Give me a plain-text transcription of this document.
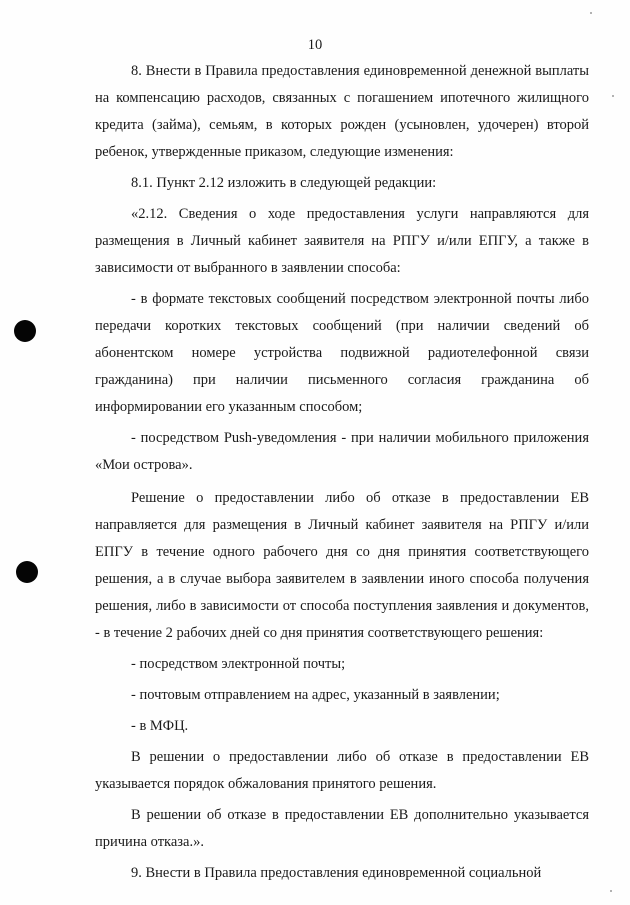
10

8. Внести в Правила предоставления единовременной денежной выплаты на компенсацию расходов, связанных с погашением ипотечного жилищного кредита (займа), семьям, в которых рожден (усыновлен, удочерен) второй ребенок, утвержденные приказом, следующие изменения:

8.1. Пункт 2.12 изложить в следующей редакции:

«2.12. Сведения о ходе предоставления услуги направляются для размещения в Личный кабинет заявителя на РПГУ и/или ЕПГУ, а также в зависимости от выбранного в заявлении способа:

- в формате текстовых сообщений посредством электронной почты либо передачи коротких текстовых сообщений (при наличии сведений об абонентском номере устройства подвижной радиотелефонной связи гражданина) при наличии письменного согласия гражданина об информировании его указанным способом;

- посредством Push-уведомления - при наличии мобильного приложения «Мои острова».

Решение о предоставлении либо об отказе в предоставлении ЕВ направляется для размещения в Личный кабинет заявителя на РПГУ и/или ЕПГУ в течение одного рабочего дня со дня принятия соответствующего решения, а в случае выбора заявителем в заявлении иного способа получения решения, либо в зависимости от способа поступления заявления и документов, - в течение 2 рабочих дней со дня принятия соответствующего решения:

- посредством электронной почты;

- почтовым отправлением на адрес, указанный в заявлении;

- в МФЦ.

В решении о предоставлении либо об отказе в предоставлении ЕВ указывается порядок обжалования принятого решения.

В решении об отказе в предоставлении ЕВ дополнительно указывается причина отказа.».

9. Внести в Правила предоставления единовременной социальной
